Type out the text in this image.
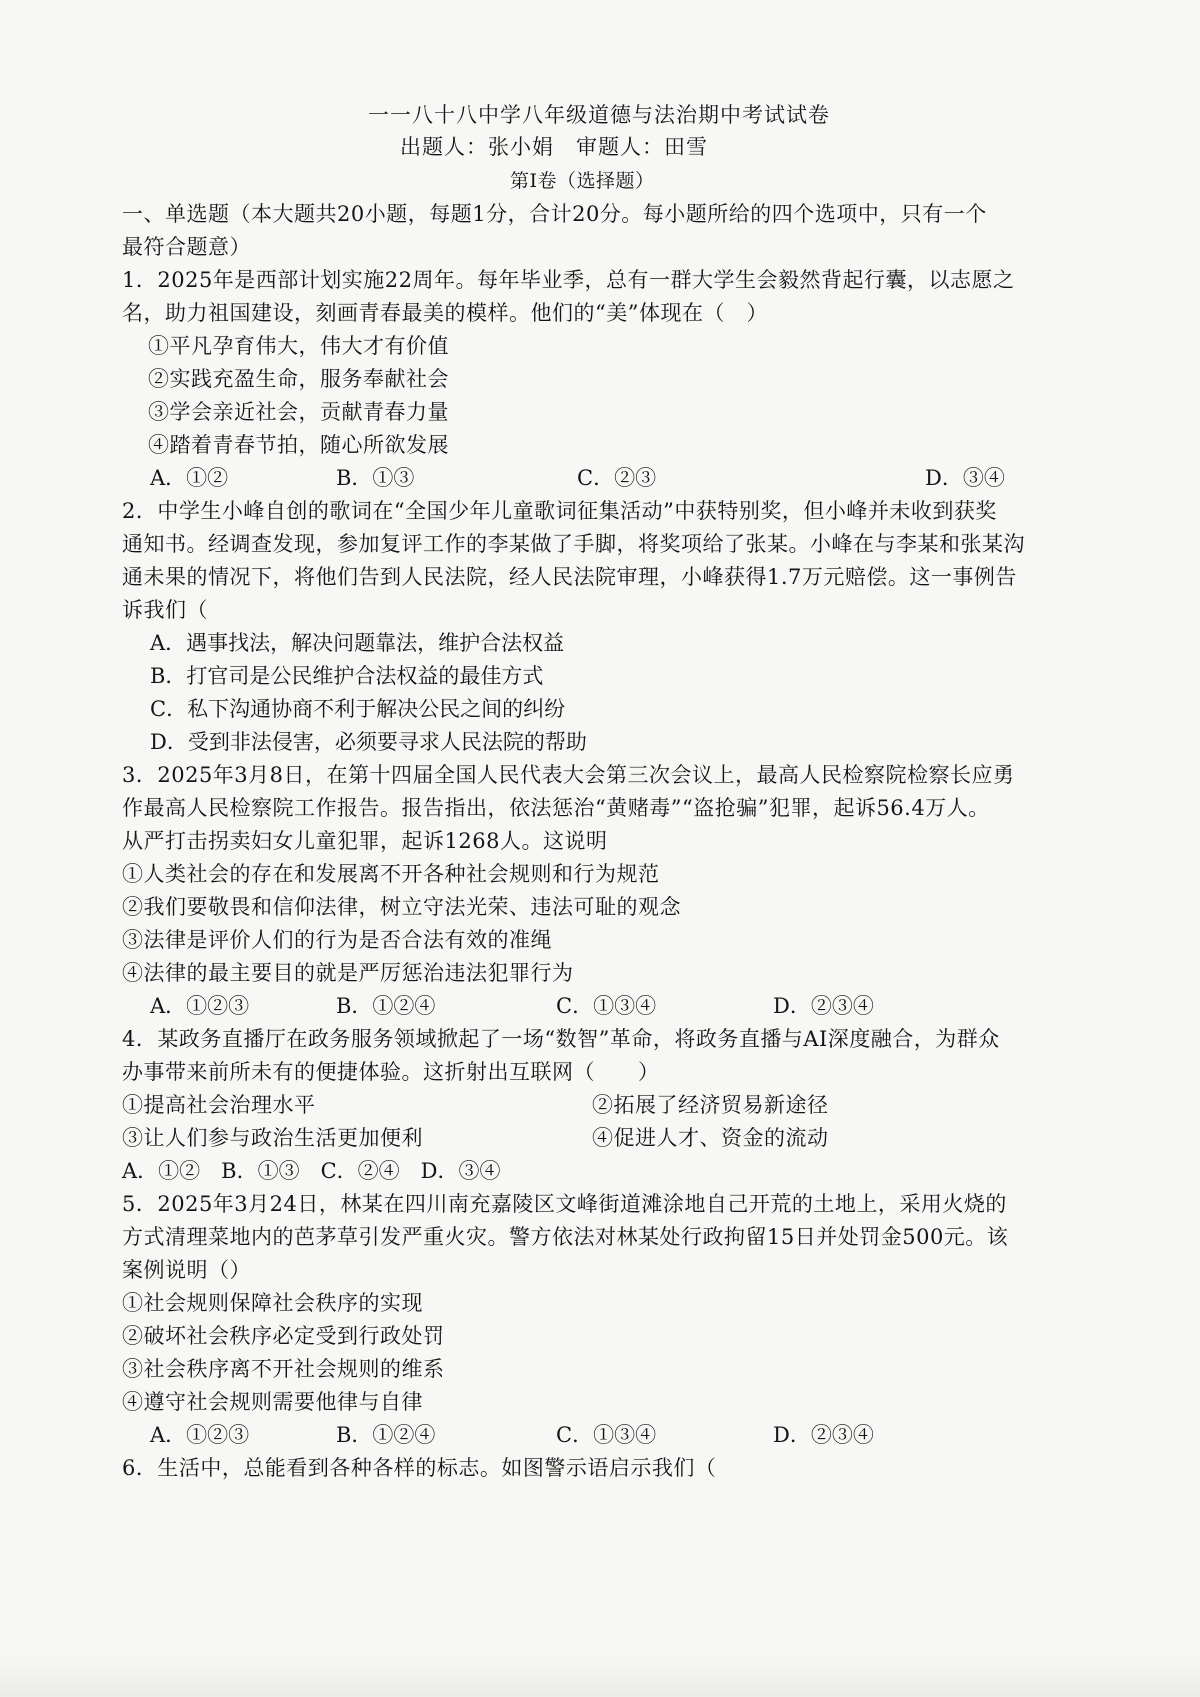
一一八十八中学八年级道德与法治期中考试试卷
出题人：张小娟　审题人：田雪
第Ⅰ卷（选择题）
一、单选题（本大题共20小题，每题1分，合计20分。每小题所给的四个选项中，只有一个
最符合题意）
1．2025年是西部计划实施22周年。每年毕业季，总有一群大学生会毅然背起行囊，以志愿之
名，助力祖国建设，刻画青春最美的模样。他们的“美”体现在（　）
①平凡孕育伟大，伟大才有价值
②实践充盈生命，服务奉献社会
③学会亲近社会，贡献青春力量
④踏着青春节拍，随心所欲发展
A．①②	B．①③	C．②③	D．③④
2．中学生小峰自创的歌词在“全国少年儿童歌词征集活动”中获特别奖，但小峰并未收到获奖
通知书。经调查发现，参加复评工作的李某做了手脚，将奖项给了张某。小峰在与李某和张某沟
通未果的情况下，将他们告到人民法院，经人民法院审理，小峰获得1.7万元赔偿。这一事例告
诉我们（
A．遇事找法，解决问题靠法，维护合法权益
B．打官司是公民维护合法权益的最佳方式
C．私下沟通协商不利于解决公民之间的纠纷
D．受到非法侵害，必须要寻求人民法院的帮助
3．2025年3月8日，在第十四届全国人民代表大会第三次会议上，最高人民检察院检察长应勇
作最高人民检察院工作报告。报告指出，依法惩治“黄赌毒”“盗抢骗”犯罪，起诉56.4万人。
从严打击拐卖妇女儿童犯罪，起诉1268人。这说明
①人类社会的存在和发展离不开各种社会规则和行为规范
②我们要敬畏和信仰法律，树立守法光荣、违法可耻的观念
③法律是评价人们的行为是否合法有效的准绳
④法律的最主要目的就是严厉惩治违法犯罪行为
A．①②③	B．①②④	C．①③④	D．②③④
4．某政务直播厅在政务服务领域掀起了一场“数智”革命，将政务直播与AI深度融合，为群众
办事带来前所未有的便捷体验。这折射出互联网（　　）
①提高社会治理水平	②拓展了经济贸易新途径
③让人们参与政治生活更加便利	④促进人才、资金的流动
A．①②　B．①③　C．②④　D．③④
5．2025年3月24日，林某在四川南充嘉陵区文峰街道滩涂地自己开荒的土地上，采用火烧的
方式清理菜地内的芭茅草引发严重火灾。警方依法对林某处行政拘留15日并处罚金500元。该
案例说明（）
①社会规则保障社会秩序的实现
②破坏社会秩序必定受到行政处罚
③社会秩序离不开社会规则的维系
④遵守社会规则需要他律与自律
A．①②③	B．①②④	C．①③④	D．②③④
6．生活中，总能看到各种各样的标志。如图警示语启示我们（
